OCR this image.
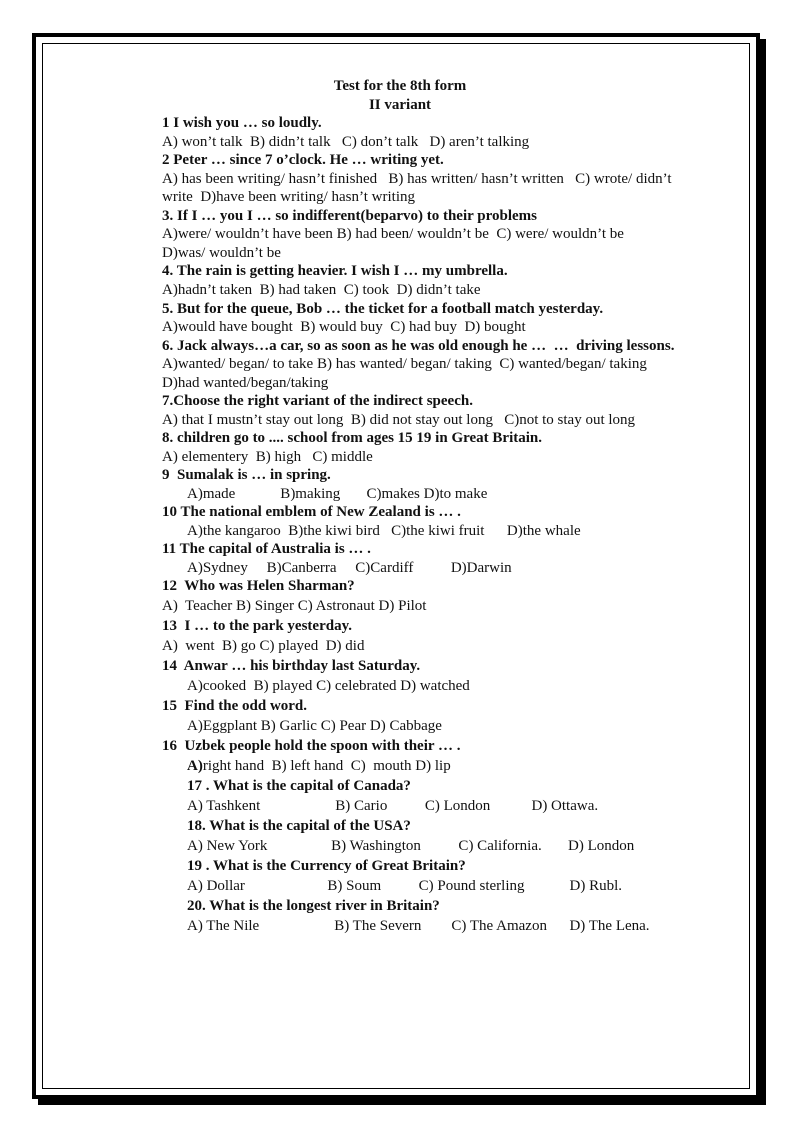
Test for the 8th form
II variant
1 I wish you … so loudly.
A) won’t talk  B) didn’t talk   C) don’t talk   D) aren’t talking
2 Peter … since 7 o’clock. He … writing yet.
A) has been writing/ hasn’t finished   B) has written/ hasn’t written   C) wrote/ didn’t
write  D)have been writing/ hasn’t writing
3. If I … you I … so indifferent(beparvo) to their problems
A)were/ wouldn’t have been B) had been/ wouldn’t be  C) were/ wouldn’t be
D)was/ wouldn’t be
4. The rain is getting heavier. I wish I … my umbrella.
A)hadn’t taken  B) had taken  C) took  D) didn’t take
5. But for the queue, Bob … the ticket for a football match yesterday.
A)would have bought  B) would buy  C) had buy  D) bought
6. Jack always…a car, so as soon as he was old enough he …  …  driving lessons.
A)wanted/ began/ to take B) has wanted/ began/ taking  C) wanted/began/ taking
D)had wanted/began/taking
7.Choose the right variant of the indirect speech.
A) that I mustn’t stay out long  B) did not stay out long   C)not to stay out long
8. children go to .... school from ages 15 19 in Great Britain.
A) elementery  B) high   C) middle
9  Sumalak is … in spring.
A)made            B)making       C)makes D)to make
10 The national emblem of New Zealand is … .
A)the kangaroo  B)the kiwi bird   C)the kiwi fruit      D)the whale
11 The capital of Australia is … .
A)Sydney     B)Canberra     C)Cardiff          D)Darwin
12  Who was Helen Sharman?
A)  Teacher B) Singer C) Astronaut D) Pilot
13  I … to the park yesterday.
A)  went  B) go C) played  D) did
14  Anwar … his birthday last Saturday.
A)cooked  B) played C) celebrated D) watched
15  Find the odd word.
A)Eggplant B) Garlic C) Pear D) Cabbage
16  Uzbek people hold the spoon with their … .
A)right hand  B) left hand  C)  mouth D) lip
17 . What is the capital of Canada?
A) Tashkent                    B) Cario          C) London           D) Ottawa.
18. What is the capital of the USA?
A) New York                 B) Washington          C) California.       D) London
19 . What is the Currency of Great Britain?
A) Dollar                      B) Soum          C) Pound sterling            D) Rubl.
20. What is the longest river in Britain?
A) The Nile                    B) The Severn        C) The Amazon      D) The Lena.
